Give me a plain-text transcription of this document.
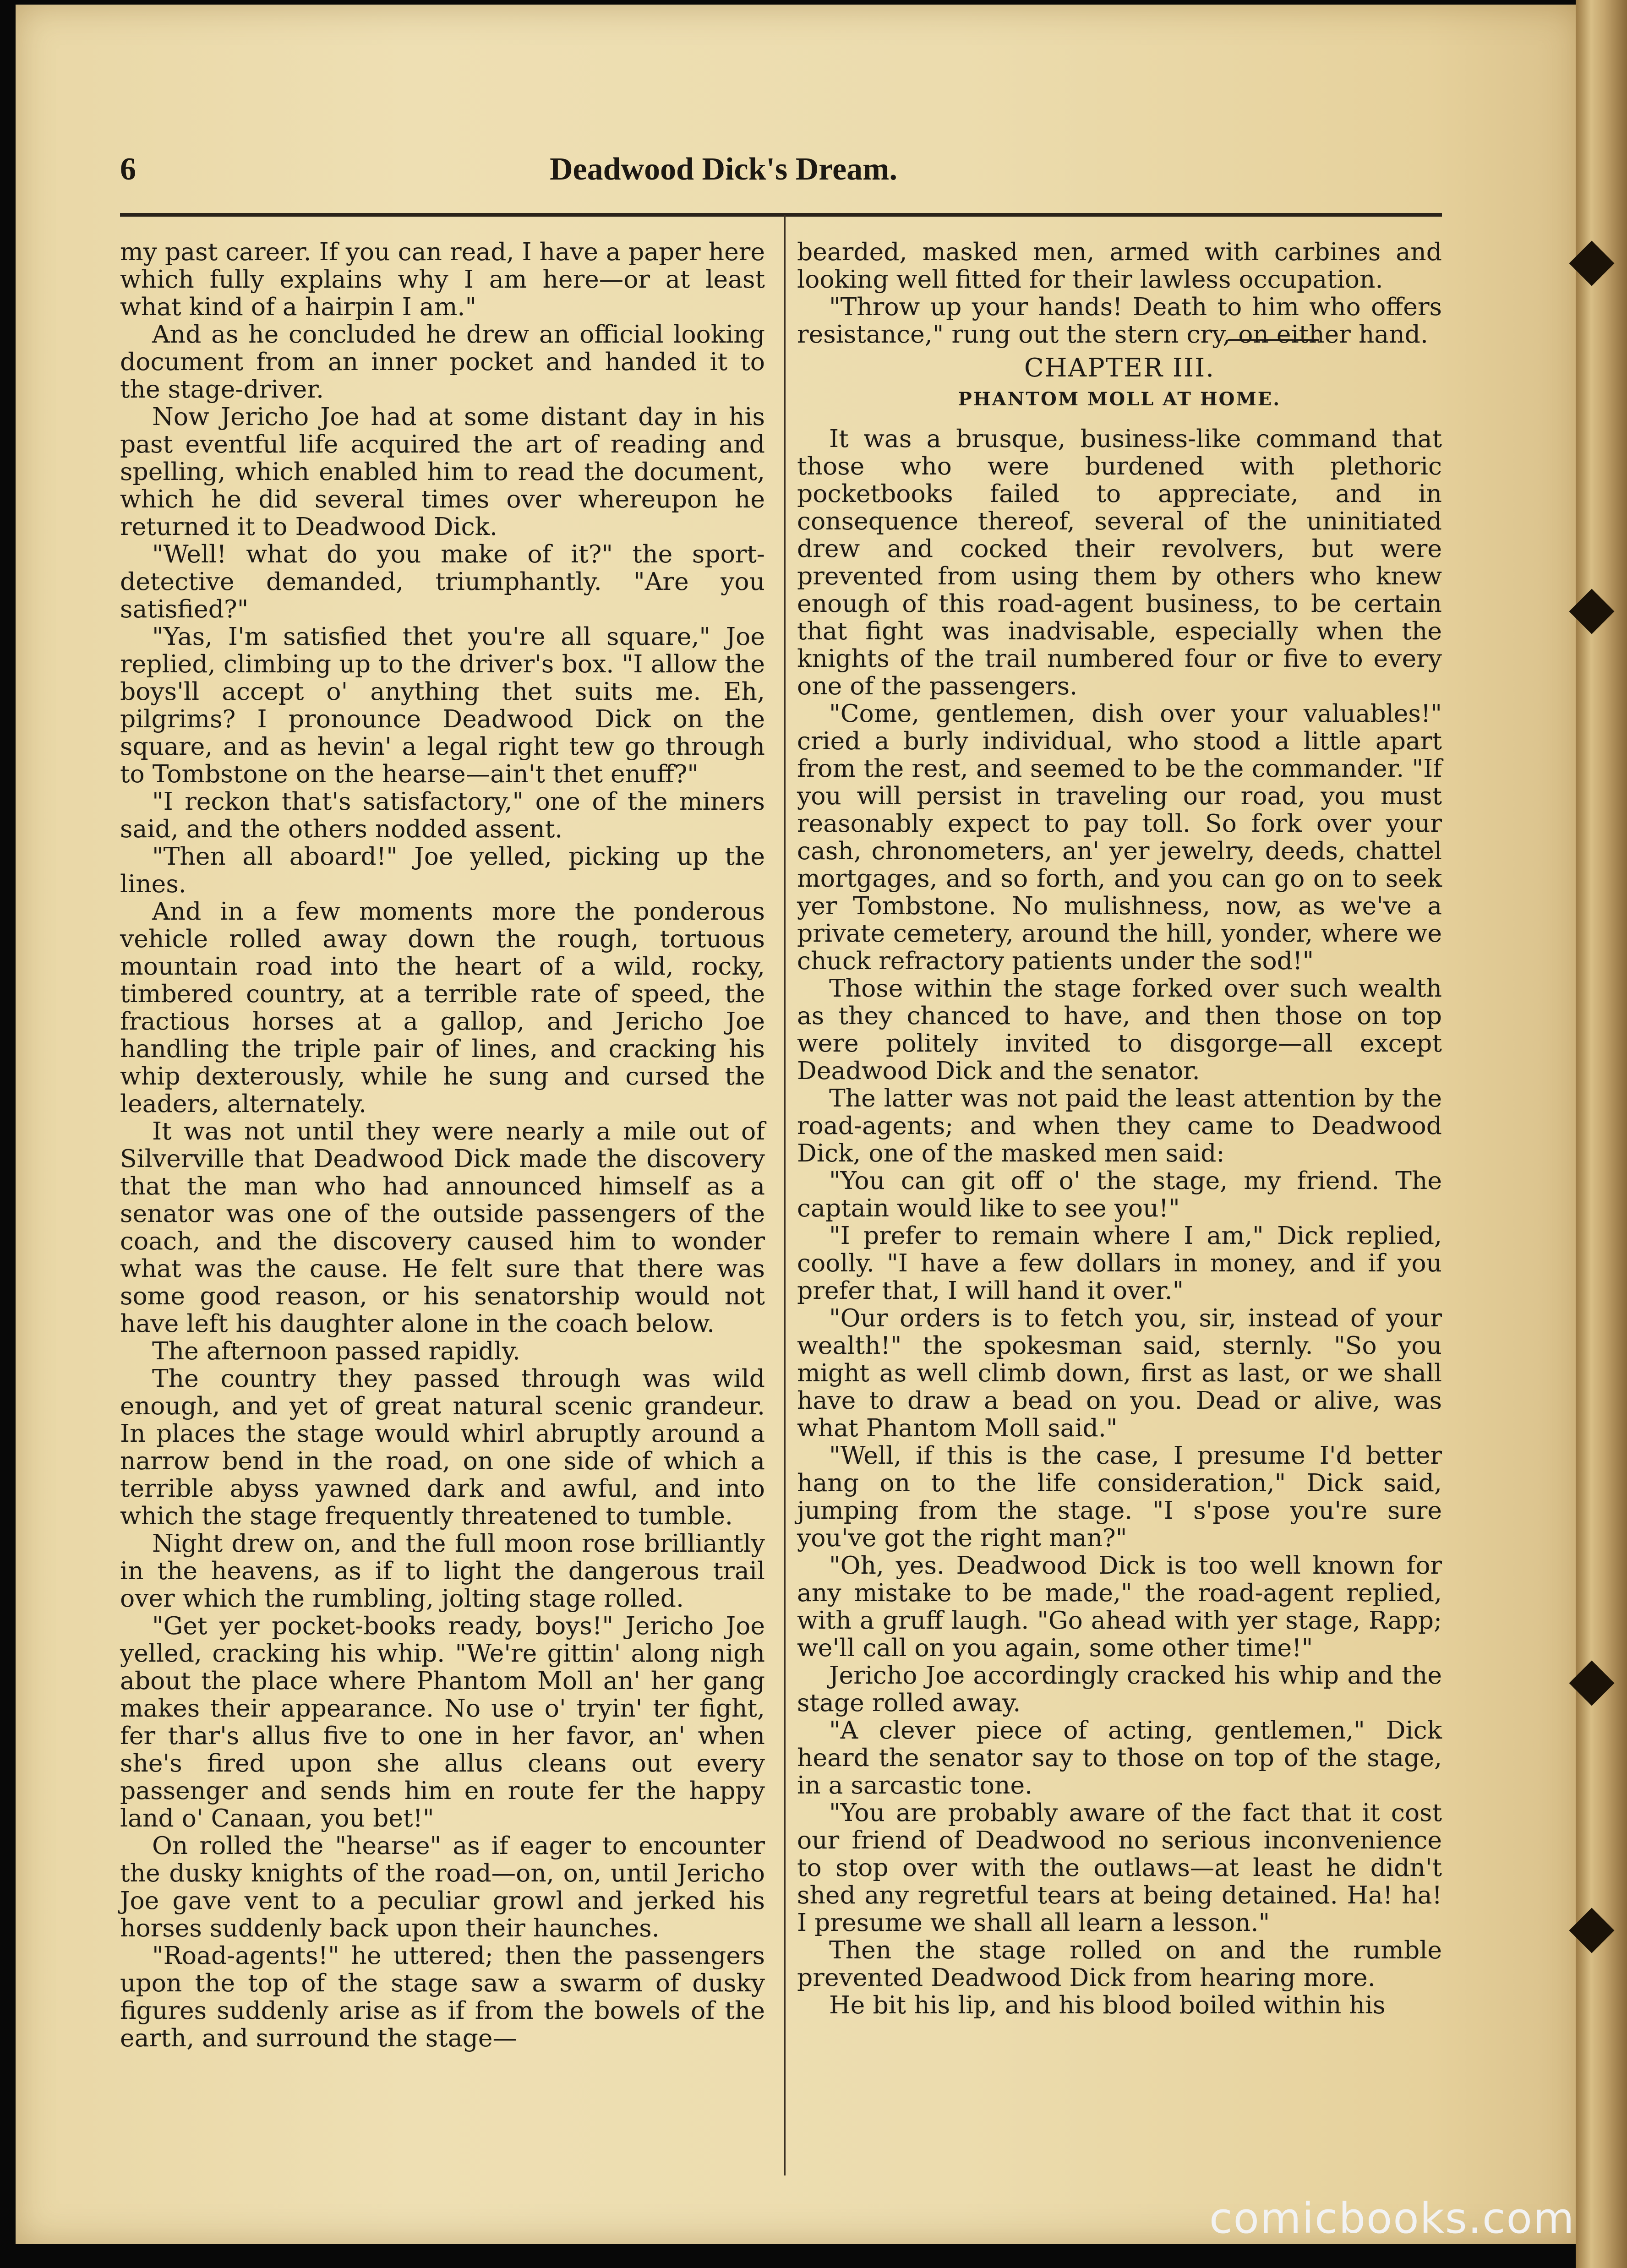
6	Deadwood Dick's Dream.

my past career. If you can read, I have a paper here which fully explains why I am here—or at least what kind of a hairpin I am."

And as he concluded he drew an official looking document from an inner pocket and handed it to the stage-driver.

Now Jericho Joe had at some distant day in his past eventful life acquired the art of reading and spelling, which enabled him to read the document, which he did several times over whereupon he returned it to Deadwood Dick.

"Well! what do you make of it?" the sport-detective demanded, triumphantly. "Are you satisfied?"

"Yas, I'm satisfied thet you're all square," Joe replied, climbing up to the driver's box. "I allow the boys'll accept o' anything thet suits me. Eh, pilgrims? I pronounce Deadwood Dick on the square, and as hevin' a legal right tew go through to Tombstone on the hearse—ain't thet enuff?"

"I reckon that's satisfactory," one of the miners said, and the others nodded assent.

"Then all aboard!" Joe yelled, picking up the lines.

And in a few moments more the ponderous vehicle rolled away down the rough, tortuous mountain road into the heart of a wild, rocky, timbered country, at a terrible rate of speed, the fractious horses at a gallop, and Jericho Joe handling the triple pair of lines, and cracking his whip dexterously, while he sung and cursed the leaders, alternately.

It was not until they were nearly a mile out of Silverville that Deadwood Dick made the discovery that the man who had announced himself as a senator was one of the outside passengers of the coach, and the discovery caused him to wonder what was the cause. He felt sure that there was some good reason, or his senatorship would not have left his daughter alone in the coach below.

The afternoon passed rapidly.

The country they passed through was wild enough, and yet of great natural scenic grandeur. In places the stage would whirl abruptly around a narrow bend in the road, on one side of which a terrible abyss yawned dark and awful, and into which the stage frequently threatened to tumble.

Night drew on, and the full moon rose brilliantly in the heavens, as if to light the dangerous trail over which the rumbling, jolting stage rolled.

"Get yer pocket-books ready, boys!" Jericho Joe yelled, cracking his whip. "We're gittin' along nigh about the place where Phantom Moll an' her gang makes their appearance. No use o' tryin' ter fight, fer thar's allus five to one in her favor, an' when she's fired upon she allus cleans out every passenger and sends him en route fer the happy land o' Canaan, you bet!"

On rolled the "hearse" as if eager to encounter the dusky knights of the road—on, on, until Jericho Joe gave vent to a peculiar growl and jerked his horses suddenly back upon their haunches.

"Road-agents!" he uttered; then the passengers upon the top of the stage saw a swarm of dusky figures suddenly arise as if from the bowels of the earth, and surround the stage—

bearded, masked men, armed with carbines and looking well fitted for their lawless occupation.

"Throw up your hands! Death to him who offers resistance," rung out the stern cry, on either hand.

CHAPTER III.
PHANTOM MOLL AT HOME.

It was a brusque, business-like command that those who were burdened with plethoric pocketbooks failed to appreciate, and in consequence thereof, several of the uninitiated drew and cocked their revolvers, but were prevented from using them by others who knew enough of this road-agent business, to be certain that fight was inadvisable, especially when the knights of the trail numbered four or five to every one of the passengers.

"Come, gentlemen, dish over your valuables!" cried a burly individual, who stood a little apart from the rest, and seemed to be the commander. "If you will persist in traveling our road, you must reasonably expect to pay toll. So fork over your cash, chronometers, an' yer jewelry, deeds, chattel mortgages, and so forth, and you can go on to seek yer Tombstone. No mulishness, now, as we've a private cemetery, around the hill, yonder, where we chuck refractory patients under the sod!"

Those within the stage forked over such wealth as they chanced to have, and then those on top were politely invited to disgorge—all except Deadwood Dick and the senator.

The latter was not paid the least attention by the road-agents; and when they came to Deadwood Dick, one of the masked men said:

"You can git off o' the stage, my friend. The captain would like to see you!"

"I prefer to remain where I am," Dick replied, coolly. "I have a few dollars in money, and if you prefer that, I will hand it over."

"Our orders is to fetch you, sir, instead of your wealth!" the spokesman said, sternly. "So you might as well climb down, first as last, or we shall have to draw a bead on you. Dead or alive, was what Phantom Moll said."

"Well, if this is the case, I presume I'd better hang on to the life consideration," Dick said, jumping from the stage. "I s'pose you're sure you've got the right man?"

"Oh, yes. Deadwood Dick is too well known for any mistake to be made," the road-agent replied, with a gruff laugh. "Go ahead with yer stage, Rapp; we'll call on you again, some other time!"

Jericho Joe accordingly cracked his whip and the stage rolled away.

"A clever piece of acting, gentlemen," Dick heard the senator say to those on top of the stage, in a sarcastic tone.

"You are probably aware of the fact that it cost our friend of Deadwood no serious inconvenience to stop over with the outlaws—at least he didn't shed any regretful tears at being detained. Ha! ha! I presume we shall all learn a lesson."

Then the stage rolled on and the rumble prevented Deadwood Dick from hearing more.

He bit his lip, and his blood boiled within his

comicbooks.com
